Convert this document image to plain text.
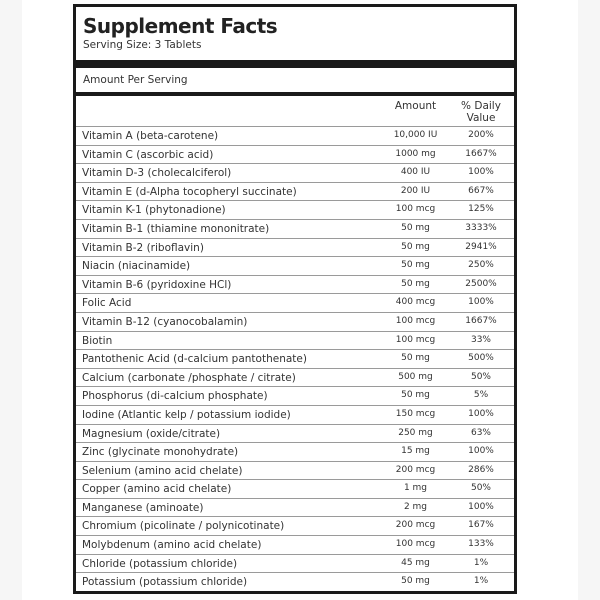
Supplement Facts
Serving Size: 3 Tablets
Amount Per Serving
Amount	% Daily
Value
Vitamin A (beta-carotene)	10,000 IU	200%
Vitamin C (ascorbic acid)	1000 mg	1667%
Vitamin D-3 (cholecalciferol)	400 IU	100%
Vitamin E (d-Alpha tocopheryl succinate)	200 IU	667%
Vitamin K-1 (phytonadione)	100 mcg	125%
Vitamin B-1 (thiamine mononitrate)	50 mg	3333%
Vitamin B-2 (riboflavin)	50 mg	2941%
Niacin (niacinamide)	50 mg	250%
Vitamin B-6 (pyridoxine HCl)	50 mg	2500%
Folic Acid	400 mcg	100%
Vitamin B-12 (cyanocobalamin)	100 mcg	1667%
Biotin	100 mcg	33%
Pantothenic Acid (d-calcium pantothenate)	50 mg	500%
Calcium (carbonate /phosphate / citrate)	500 mg	50%
Phosphorus (di-calcium phosphate)	50 mg	5%
Iodine (Atlantic kelp / potassium iodide)	150 mcg	100%
Magnesium (oxide/citrate)	250 mg	63%
Zinc (glycinate monohydrate)	15 mg	100%
Selenium (amino acid chelate)	200 mcg	286%
Copper (amino acid chelate)	1 mg	50%
Manganese (aminoate)	2 mg	100%
Chromium (picolinate / polynicotinate)	200 mcg	167%
Molybdenum (amino acid chelate)	100 mcg	133%
Chloride (potassium chloride)	45 mg	1%
Potassium (potassium chloride)	50 mg	1%
